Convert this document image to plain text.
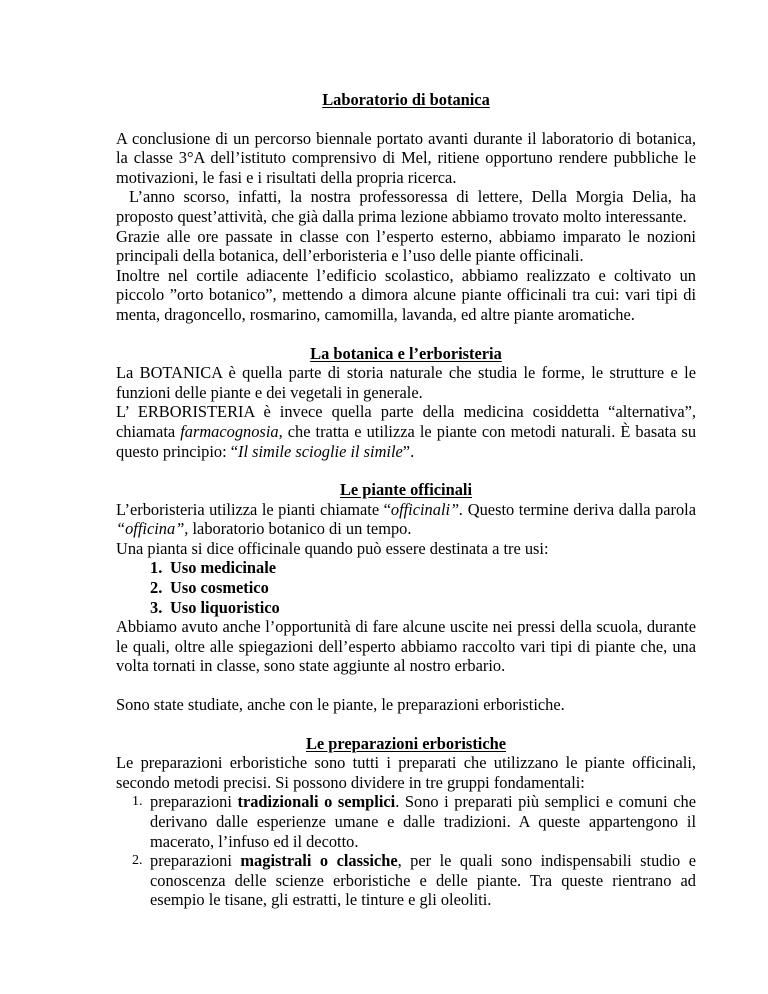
Laboratorio di botanica

A conclusione di un percorso biennale portato avanti durante il laboratorio di botanica, la classe 3°A dell’istituto comprensivo di Mel, ritiene opportuno rendere pubbliche le motivazioni, le fasi e i risultati della propria ricerca.

L’anno scorso, infatti, la nostra professoressa di lettere, Della Morgia Delia, ha proposto quest’attività, che già dalla prima lezione abbiamo trovato molto interessante.

Grazie alle ore passate in classe con l’esperto esterno, abbiamo imparato le nozioni principali della botanica, dell’erboristeria e l’uso delle piante officinali.

Inoltre nel cortile adiacente l’edificio scolastico, abbiamo realizzato e coltivato un piccolo ”orto botanico”, mettendo a dimora alcune piante officinali tra cui: vari tipi di menta, dragoncello, rosmarino, camomilla, lavanda, ed altre piante aromatiche.

La botanica e l’erboristeria

La BOTANICA è quella parte di storia naturale che studia le forme, le strutture e le funzioni delle piante e dei vegetali in generale.

L’ ERBORISTERIA è invece quella parte della medicina cosiddetta “alternativa”, chiamata farmacognosia, che tratta e utilizza le piante con metodi naturali. È basata su questo principio: “Il simile scioglie il simile”.

Le piante officinali

L’erboristeria utilizza le pianti chiamate “officinali”. Questo termine deriva dalla parola “officina”, laboratorio botanico di un tempo.

Una pianta si dice officinale quando può essere destinata a tre usi:

1. Uso medicinale
2. Uso cosmetico
3. Uso liquoristico

Abbiamo avuto anche l’opportunità di fare alcune uscite nei pressi della scuola, durante le quali, oltre alle spiegazioni dell’esperto abbiamo raccolto vari tipi di piante che, una volta tornati in classe, sono state aggiunte al nostro erbario.

Sono state studiate, anche con le piante, le preparazioni erboristiche.

Le preparazioni erboristiche

Le preparazioni erboristiche sono tutti i preparati che utilizzano le piante officinali, secondo metodi precisi. Si possono dividere in tre gruppi fondamentali:

1. preparazioni tradizionali o semplici. Sono i preparati più semplici e comuni che derivano dalle esperienze umane e dalle tradizioni. A queste appartengono il macerato, l’infuso ed il decotto.
2. preparazioni magistrali o classiche, per le quali sono indispensabili studio e conoscenza delle scienze erboristiche e delle piante. Tra queste rientrano ad esempio le tisane, gli estratti, le tinture e gli oleoliti.
